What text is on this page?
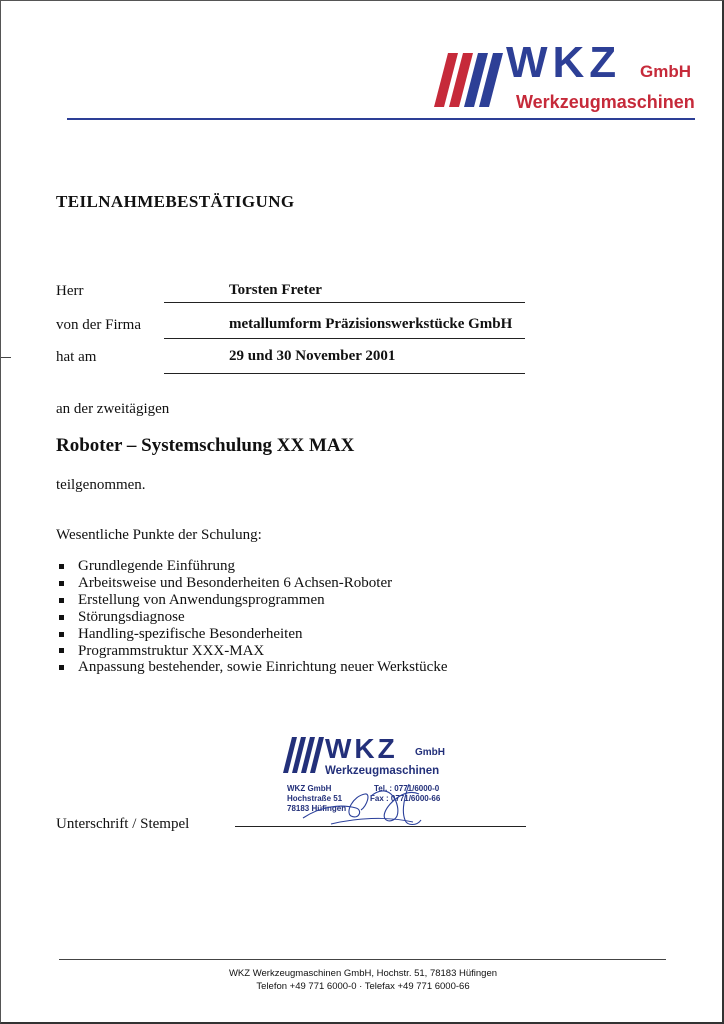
WKZ GmbH
Werkzeugmaschinen
TEILNAHMEBESTÄTIGUNG
Herr	Torsten Freter
von der Firma	metallumform Präzisionswerkstücke GmbH
hat am	29 und 30 November 2001
an der zweitägigen
Roboter – Systemschulung XX MAX
teilgenommen.
Wesentliche Punkte der Schulung:
Grundlegende Einführung
Arbeitsweise und Besonderheiten 6 Achsen-Roboter
Erstellung von Anwendungsprogrammen
Störungsdiagnose
Handling-spezifische Besonderheiten
Programmstruktur XXX-MAX
Anpassung bestehender, sowie Einrichtung neuer Werkstücke
WKZ GmbH
Werkzeugmaschinen
WKZ GmbH
Hochstraße 51
78183 Hüfingen
Tel. : 0771/6000-0
Fax : 0771/6000-66
Unterschrift / Stempel
WKZ Werkzeugmaschinen GmbH, Hochstr. 51, 78183 Hüfingen
Telefon +49 771 6000-0 · Telefax +49 771 6000-66
